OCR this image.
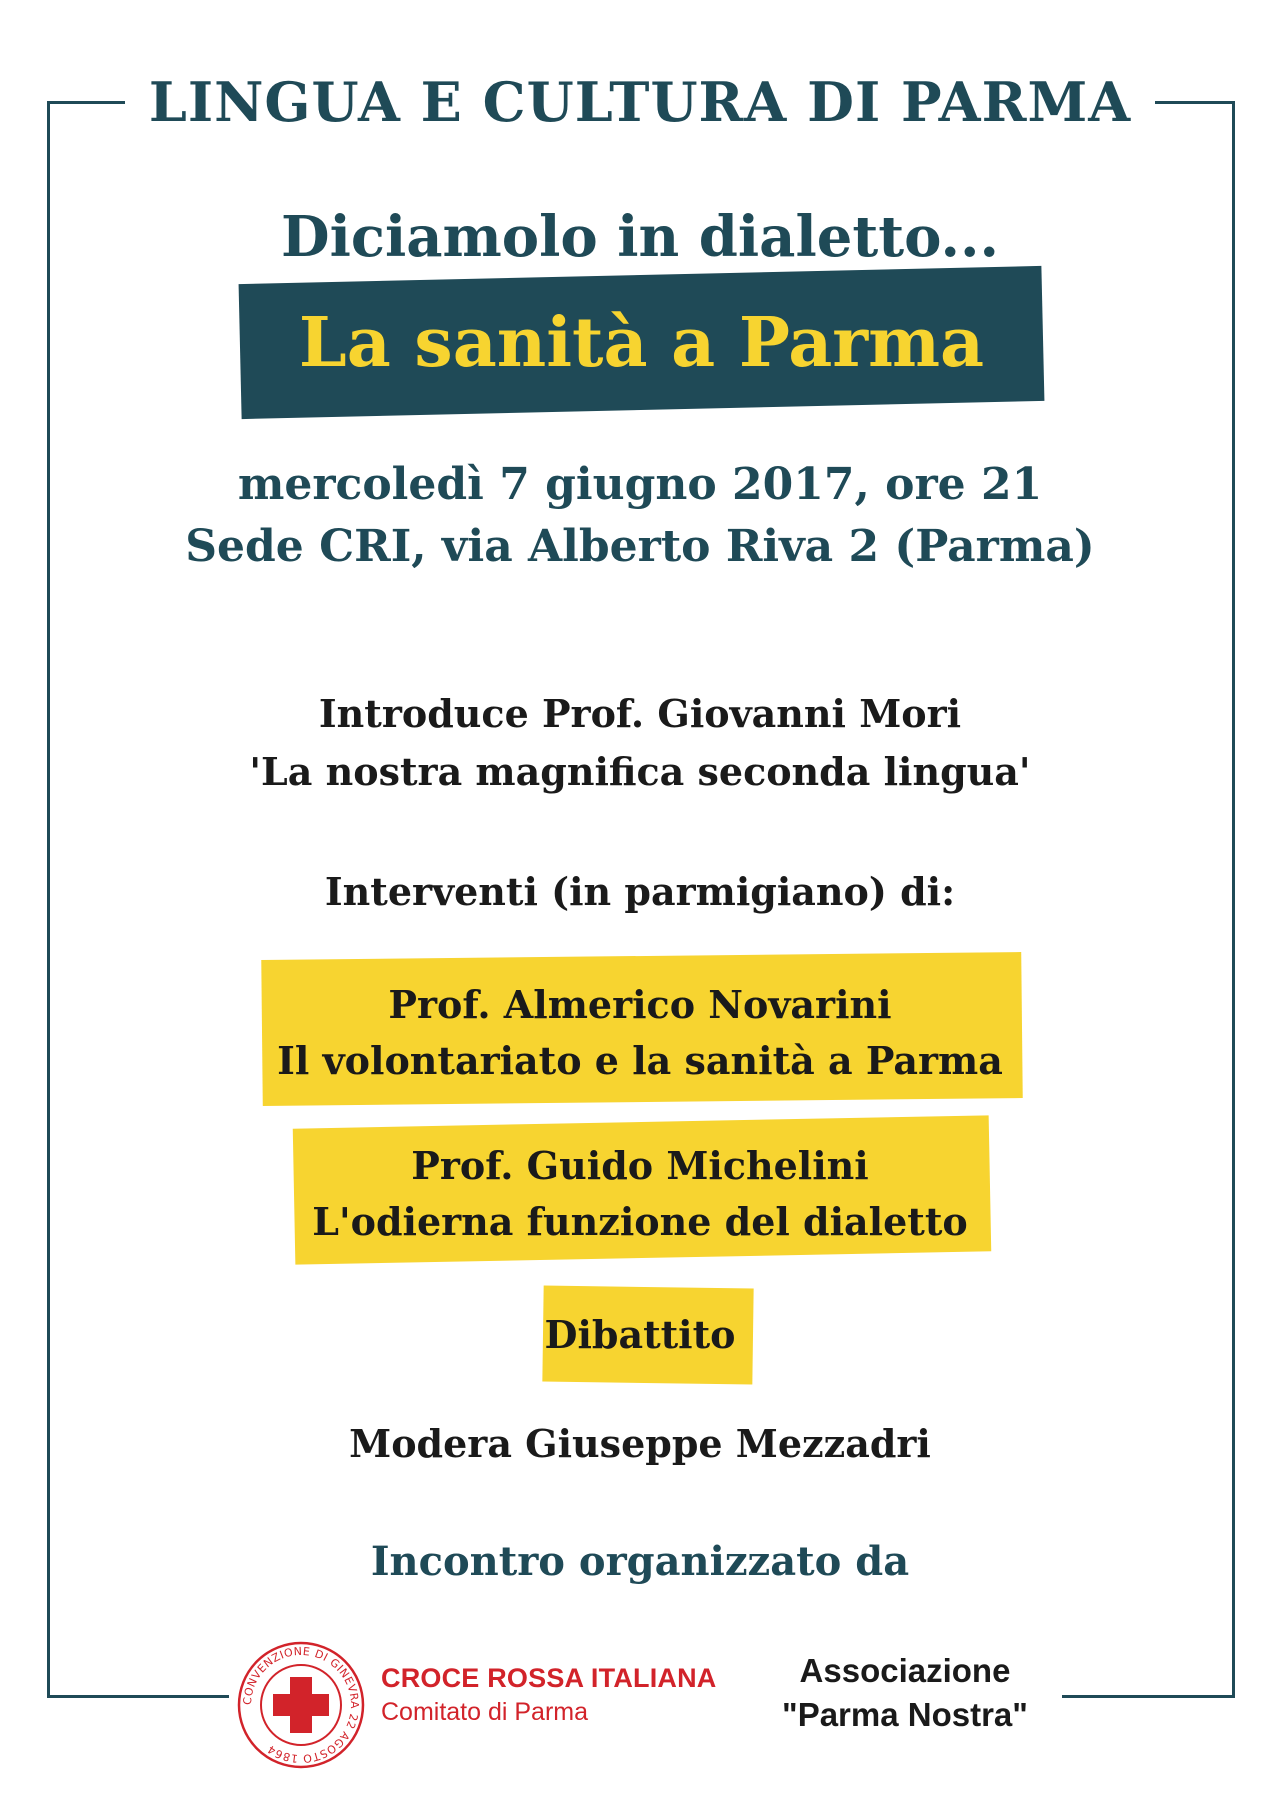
LINGUA E CULTURA DI PARMA
Diciamolo in dialetto...
La sanità a Parma
mercoledì 7 giugno 2017, ore 21
Sede CRI, via Alberto Riva 2 (Parma)
Introduce Prof. Giovanni Mori
'La nostra magnifica seconda lingua'
Interventi (in parmigiano) di:
Prof. Almerico Novarini
Il volontariato e la sanità a Parma
Prof. Guido Michelini
L'odierna funzione del dialetto
Dibattito
Modera Giuseppe Mezzadri
Incontro organizzato da
CONVENZIONE DI GINEVRA 22 AGOSTO 1864
CROCE ROSSA ITALIANA
Comitato di Parma
Associazione
"Parma Nostra"
